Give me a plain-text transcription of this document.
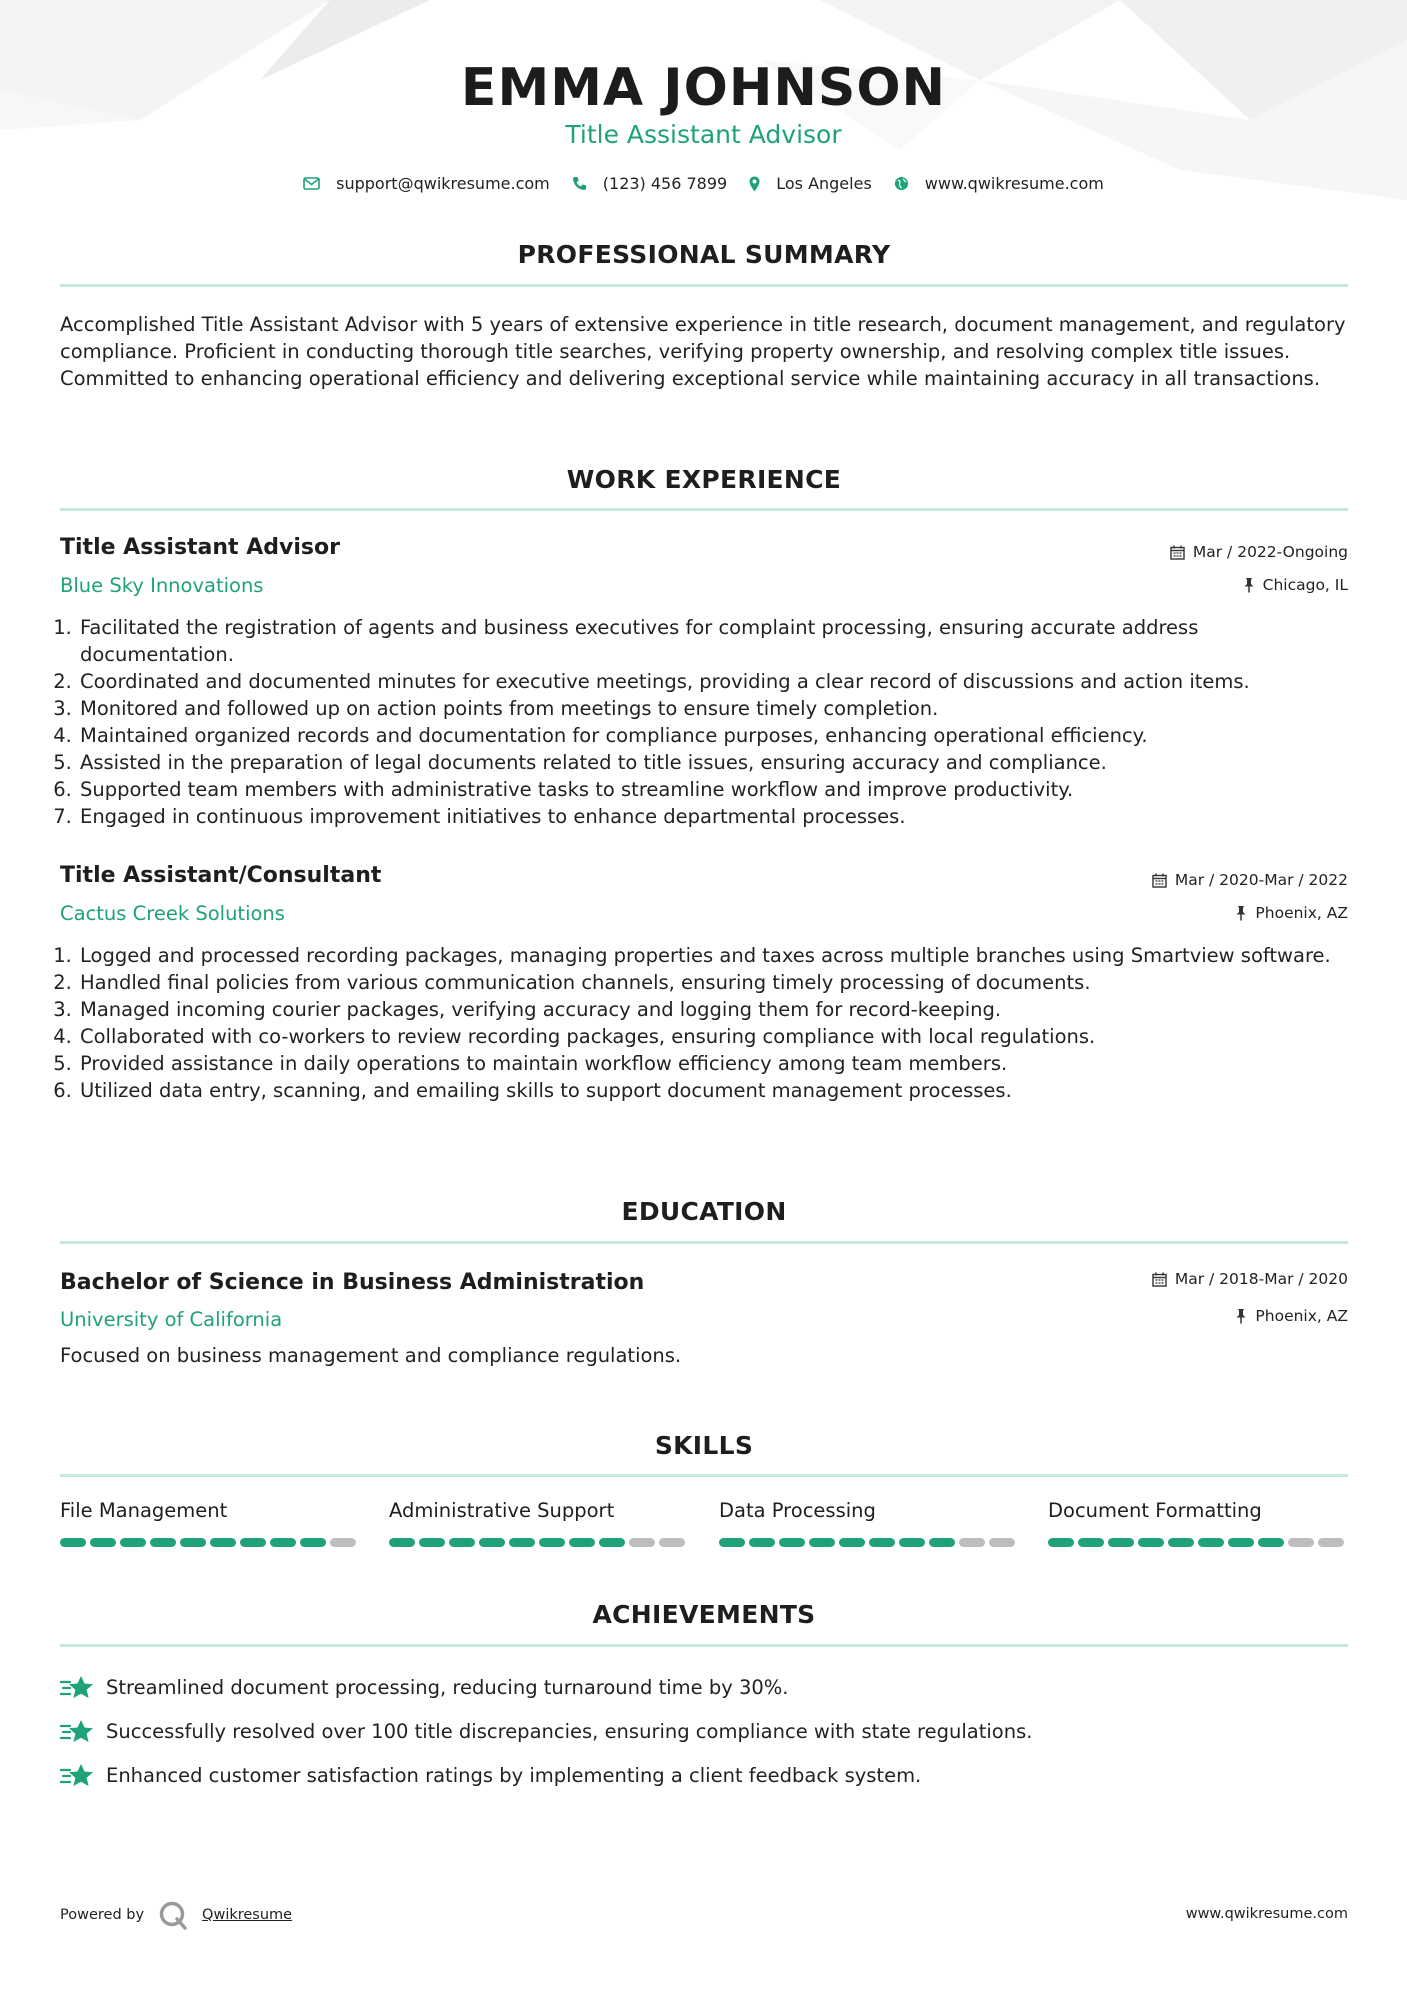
EMMA JOHNSON
Title Assistant Advisor
support@qwikresume.com	(123) 456 7899	Los Angeles	www.qwikresume.com
PROFESSIONAL SUMMARY
Accomplished Title Assistant Advisor with 5 years of extensive experience in title research, document management, and regulatory compliance. Proficient in conducting thorough title searches, verifying property ownership, and resolving complex title issues. Committed to enhancing operational efficiency and delivering exceptional service while maintaining accuracy in all transactions.
WORK EXPERIENCE
Title Assistant Advisor	Mar / 2022-Ongoing
Blue Sky Innovations	Chicago, IL
1. Facilitated the registration of agents and business executives for complaint processing, ensuring accurate address documentation.
2. Coordinated and documented minutes for executive meetings, providing a clear record of discussions and action items.
3. Monitored and followed up on action points from meetings to ensure timely completion.
4. Maintained organized records and documentation for compliance purposes, enhancing operational efficiency.
5. Assisted in the preparation of legal documents related to title issues, ensuring accuracy and compliance.
6. Supported team members with administrative tasks to streamline workflow and improve productivity.
7. Engaged in continuous improvement initiatives to enhance departmental processes.
Title Assistant/Consultant	Mar / 2020-Mar / 2022
Cactus Creek Solutions	Phoenix, AZ
1. Logged and processed recording packages, managing properties and taxes across multiple branches using Smartview software.
2. Handled final policies from various communication channels, ensuring timely processing of documents.
3. Managed incoming courier packages, verifying accuracy and logging them for record-keeping.
4. Collaborated with co-workers to review recording packages, ensuring compliance with local regulations.
5. Provided assistance in daily operations to maintain workflow efficiency among team members.
6. Utilized data entry, scanning, and emailing skills to support document management processes.
EDUCATION
Bachelor of Science in Business Administration	Mar / 2018-Mar / 2020
University of California	Phoenix, AZ
Focused on business management and compliance regulations.
SKILLS
File Management	Administrative Support	Data Processing	Document Formatting
ACHIEVEMENTS
Streamlined document processing, reducing turnaround time by 30%.
Successfully resolved over 100 title discrepancies, ensuring compliance with state regulations.
Enhanced customer satisfaction ratings by implementing a client feedback system.
Powered by	Qwikresume	www.qwikresume.com
